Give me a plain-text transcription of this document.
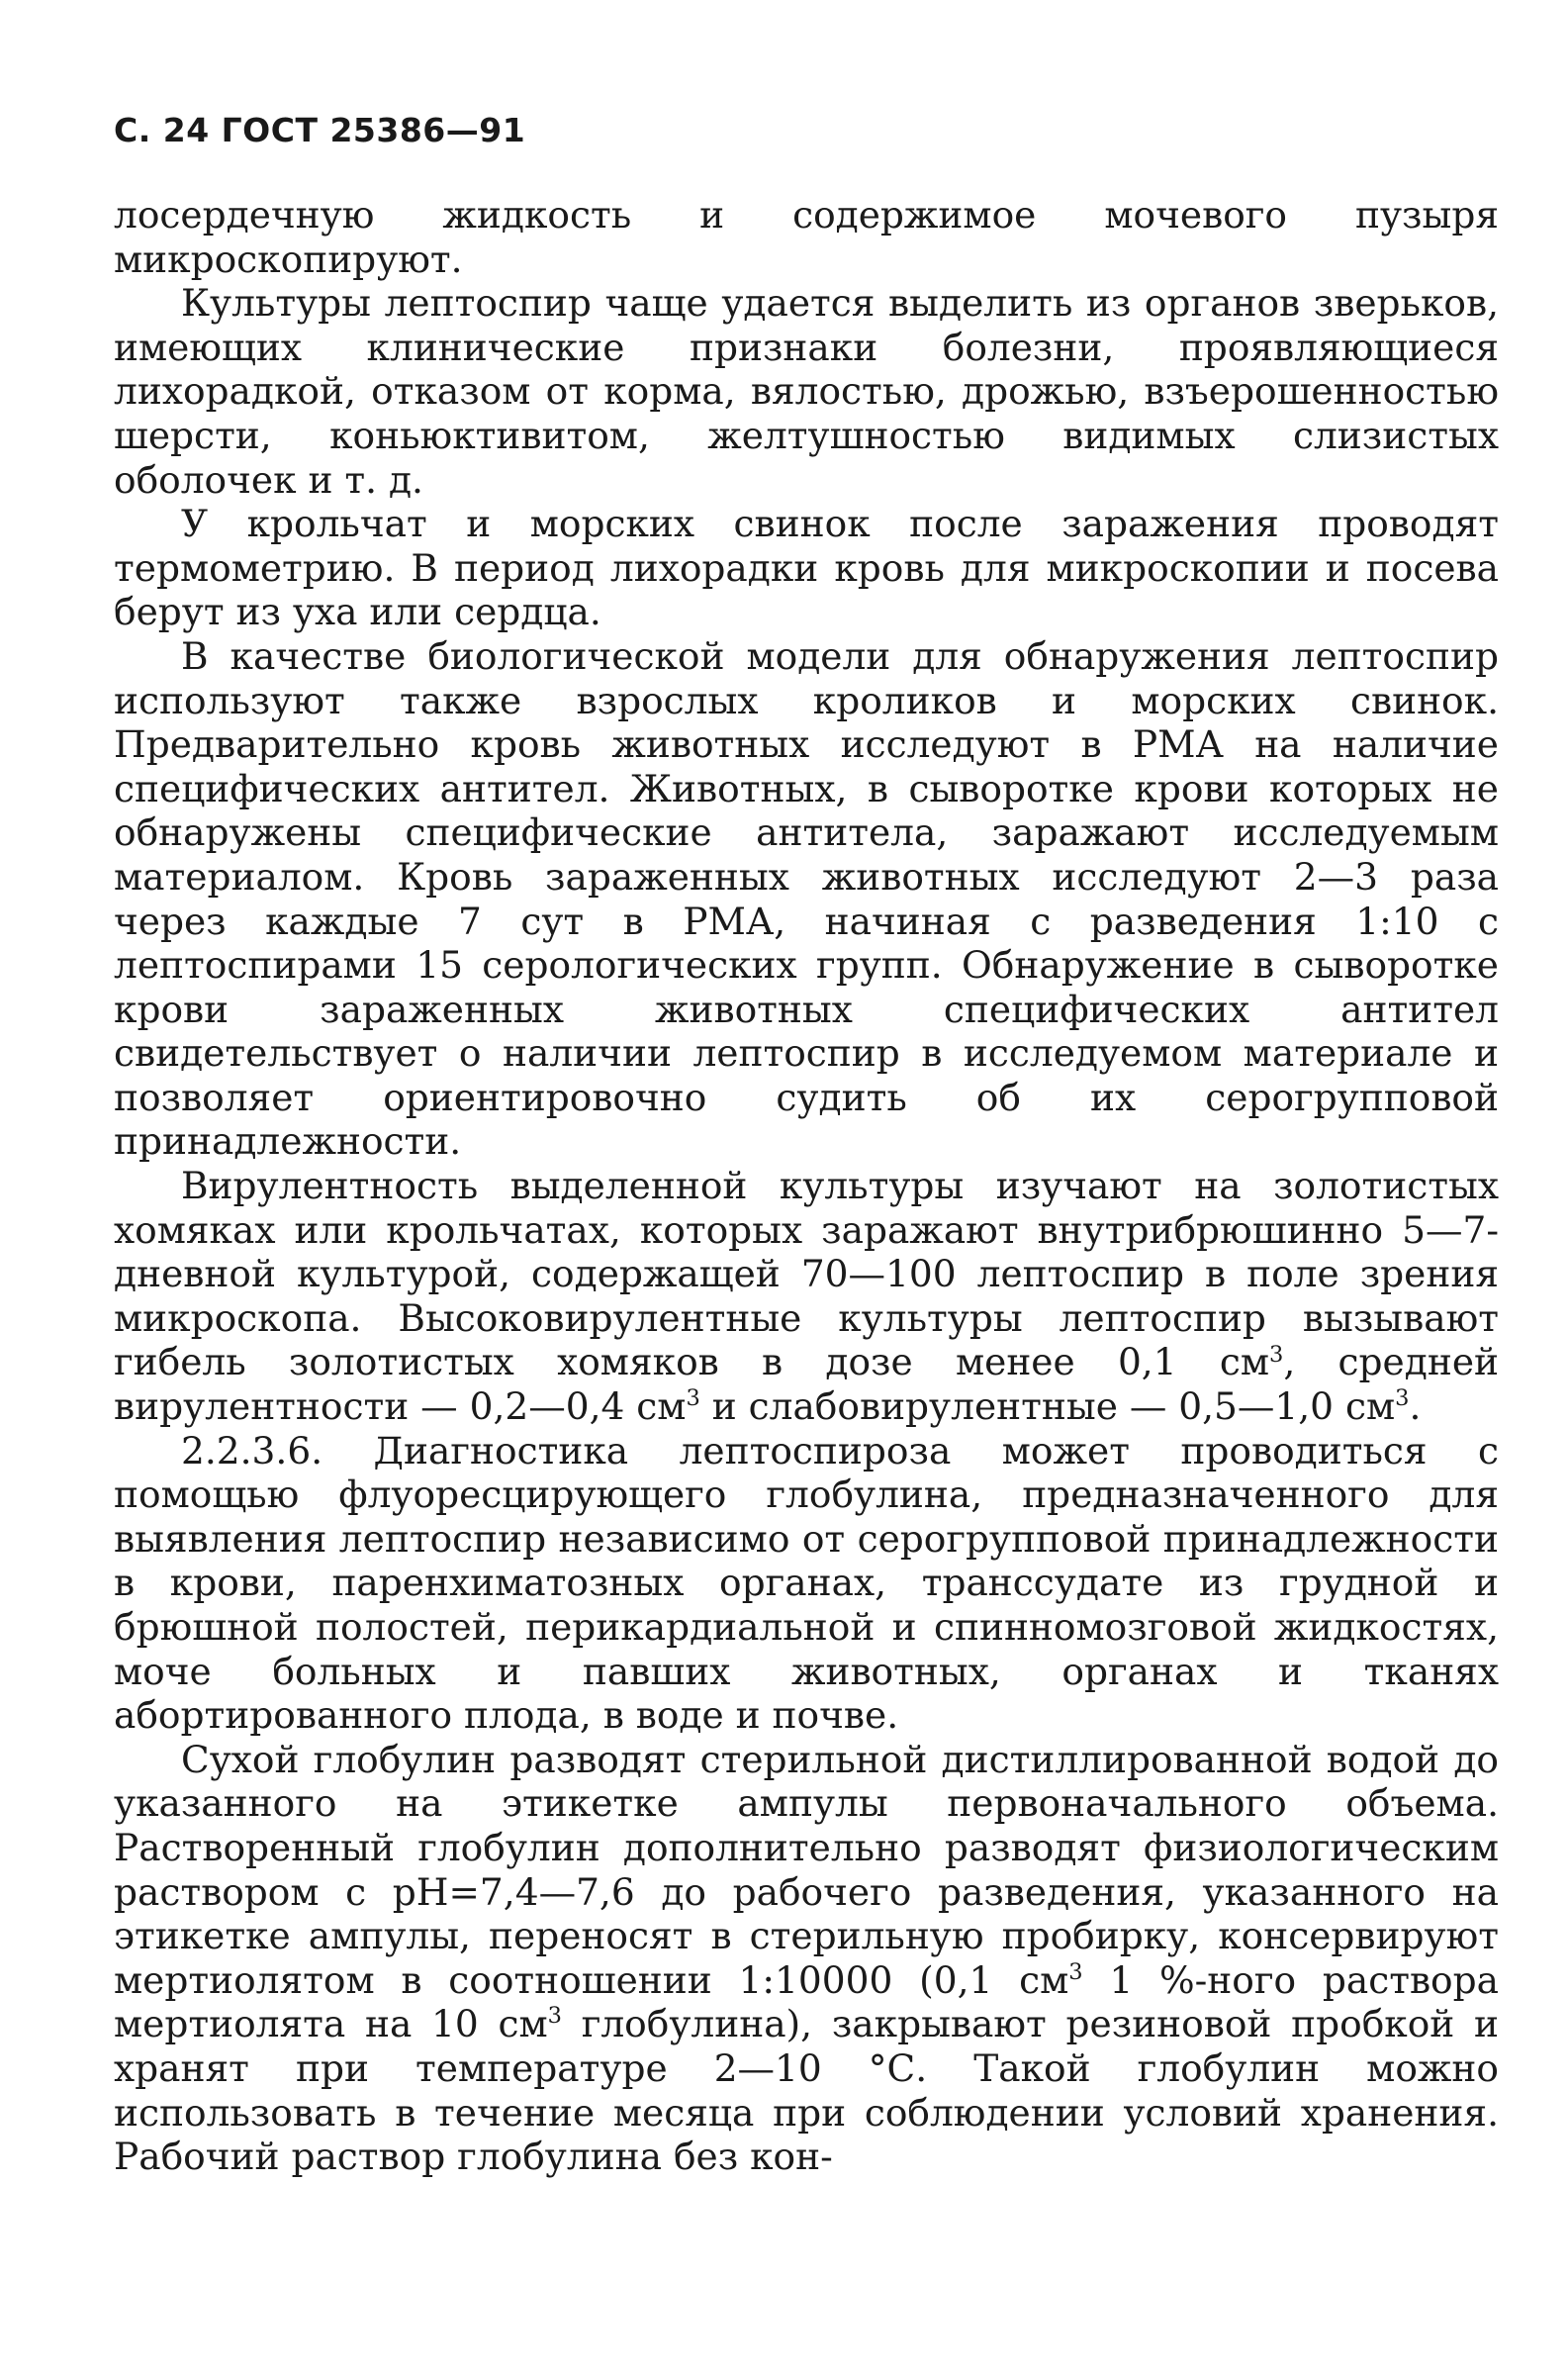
С. 24 ГОСТ 25386—91

лосердечную жидкость и содержимое мочевого пузыря микроскопируют.

Культуры лептоспир чаще удается выделить из органов зверьков, имеющих клинические признаки болезни, проявляющиеся лихорадкой, отказом от корма, вялостью, дрожью, взъерошенностью шерсти, коньюктивитом, желтушностью видимых слизистых оболочек и т. д.

У крольчат и морских свинок после заражения проводят термометрию. В период лихорадки кровь для микроскопии и посева берут из уха или сердца.

В качестве биологической модели для обнаружения лептоспир используют также взрослых кроликов и морских свинок. Предварительно кровь животных исследуют в РМА на наличие специфических антител. Животных, в сыворотке крови которых не обнаружены специфические антитела, заражают исследуемым материалом. Кровь зараженных животных исследуют 2—3 раза через каждые 7 сут в РМА, начиная с разведения 1:10 с лептоспирами 15 серологических групп. Обнаружение в сыворотке крови зараженных животных специфических антител свидетельствует о наличии лептоспир в исследуемом материале и позволяет ориентировочно судить об их серогрупповой принадлежности.

Вирулентность выделенной культуры изучают на золотистых хомяках или крольчатах, которых заражают внутрибрюшинно 5—7-дневной культурой, содержащей 70—100 лептоспир в поле зрения микроскопа. Высоковирулентные культуры лептоспир вызывают гибель золотистых хомяков в дозе менее 0,1 $см^3$, средней вирулентности — 0,2—0,4 $см^3$ и слабовирулентные — 0,5—1,0 $см^3$.

2.2.3.6. Диагностика лептоспироза может проводиться с помощью флуоресцирующего глобулина, предназначенного для выявления лептоспир независимо от серогрупповой принадлежности в крови, паренхиматозных органах, транссудате из грудной и брюшной полостей, перикардиальной и спинномозговой жидкостях, моче больных и павших животных, органах и тканях абортированного плода, в воде и почве.

Сухой глобулин разводят стерильной дистиллированной водой до указанного на этикетке ампулы первоначального объема. Растворенный глобулин дополнительно разводят физиологическим раствором с pH=7,4—7,6 до рабочего разведения, указанного на этикетке ампулы, переносят в стерильную пробирку, консервируют мертиолятом в соотношении 1:10000 (0,1 $см^3$ 1 %-ного раствора мертиолята на 10 $см^3$ глобулина), закрывают резиновой пробкой и хранят при температуре 2—10 °С. Такой глобулин можно использовать в течение месяца при соблюдении условий хранения. Рабочий раствор глобулина без кон-
